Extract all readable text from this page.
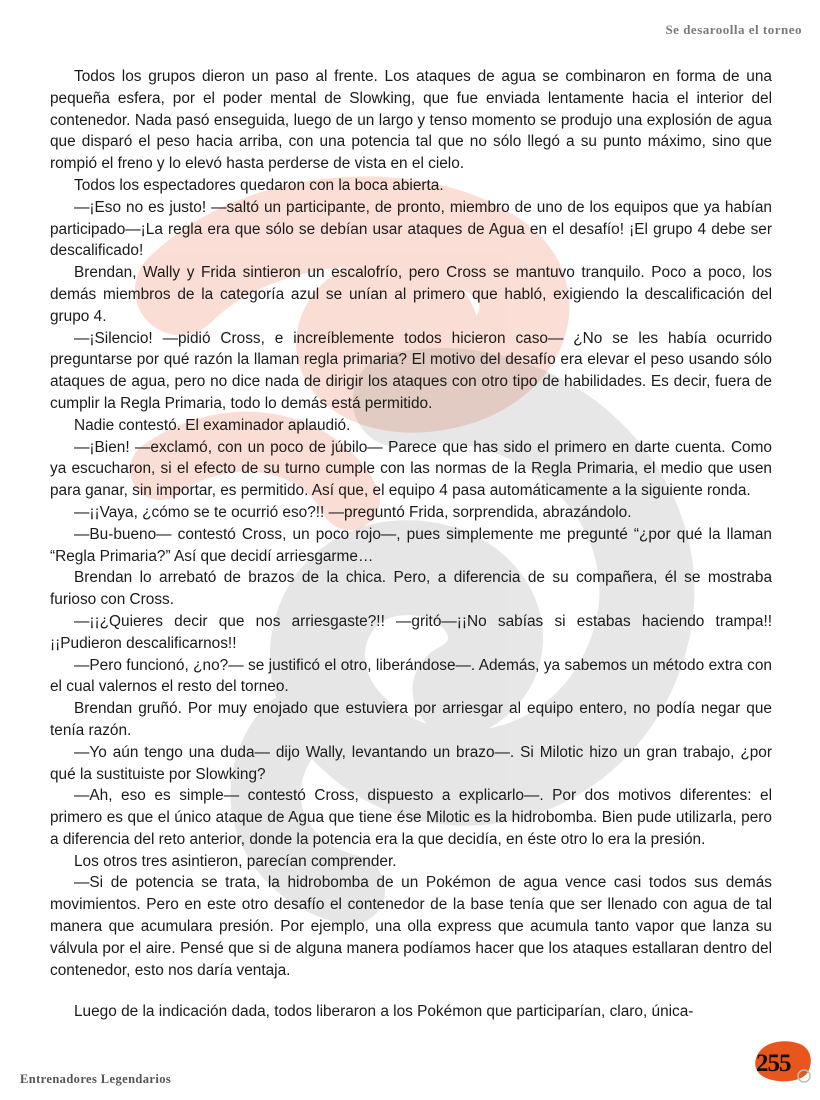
Se desaroolla el torneo

Todos los grupos dieron un paso al frente. Los ataques de agua se combinaron en forma de una pequeña esfera, por el poder mental de Slowking, que fue enviada lentamente hacia el interior del contenedor. Nada pasó enseguida, luego de un largo y tenso momento se produjo una explosión de agua que disparó el peso hacia arriba, con una potencia tal que no sólo llegó a su punto máximo, sino que rompió el freno y lo elevó hasta perderse de vista en el cielo.

Todos los espectadores quedaron con la boca abierta.

—¡Eso no es justo! —saltó un participante, de pronto, miembro de uno de los equipos que ya habían participado—¡La regla era que sólo se debían usar ataques de Agua en el desafío! ¡El grupo 4 debe ser descalificado!

Brendan, Wally y Frida sintieron un escalofrío, pero Cross se mantuvo tranquilo. Poco a poco, los demás miembros de la categoría azul se unían al primero que habló, exigiendo la descalificación del grupo 4.

—¡Silencio! —pidió Cross, e increíblemente todos hicieron caso— ¿No se les había ocurrido preguntarse por qué razón la llaman regla primaria? El motivo del desafío era elevar el peso usando sólo ataques de agua, pero no dice nada de dirigir los ataques con otro tipo de habilidades. Es decir, fuera de cumplir la Regla Primaria, todo lo demás está permitido.

Nadie contestó. El examinador aplaudió.

—¡Bien! —exclamó, con un poco de júbilo— Parece que has sido el primero en darte cuenta. Como ya escucharon, si el efecto de su turno cumple con las normas de la Regla Primaria, el medio que usen para ganar, sin importar, es permitido. Así que, el equipo 4 pasa automáticamente a la siguiente ronda.

—¡¡Vaya, ¿cómo se te ocurrió eso?!! —preguntó Frida, sorprendida, abrazándolo.

—Bu-bueno— contestó Cross, un poco rojo—, pues simplemente me pregunté “¿por qué la llaman “Regla Primaria?” Así que decidí arriesgarme…

Brendan lo arrebató de brazos de la chica. Pero, a diferencia de su compañera, él se mostraba furioso con Cross.

—¡¡¿Quieres decir que nos arriesgaste?!! —gritó—¡¡No sabías si estabas haciendo trampa!! ¡¡Pudieron descalificarnos!!

—Pero funcionó, ¿no?— se justificó el otro, liberándose—. Además, ya sabemos un método extra con el cual valernos el resto del torneo.

Brendan gruñó. Por muy enojado que estuviera por arriesgar al equipo entero, no podía negar que tenía razón.

—Yo aún tengo una duda— dijo Wally, levantando un brazo—. Si Milotic hizo un gran trabajo, ¿por qué la sustituiste por Slowking?

—Ah, eso es simple— contestó Cross, dispuesto a explicarlo—. Por dos motivos diferentes: el primero es que el único ataque de Agua que tiene ése Milotic es la hidrobomba. Bien pude utilizarla, pero a diferencia del reto anterior, donde la potencia era la que decidía, en éste otro lo era la presión.

Los otros tres asintieron, parecían comprender.

—Si de potencia se trata, la hidrobomba de un Pokémon de agua vence casi todos sus demás movimientos. Pero en este otro desafío el contenedor de la base tenía que ser llenado con agua de tal manera que acumulara presión. Por ejemplo, una olla express que acumula tanto vapor que lanza su válvula por el aire. Pensé que si de alguna manera podíamos hacer que los ataques estallaran dentro del contenedor, esto nos daría ventaja.

Luego de la indicación dada, todos liberaron a los Pokémon que participarían, claro, única-

Entrenadores Legendarios
255
